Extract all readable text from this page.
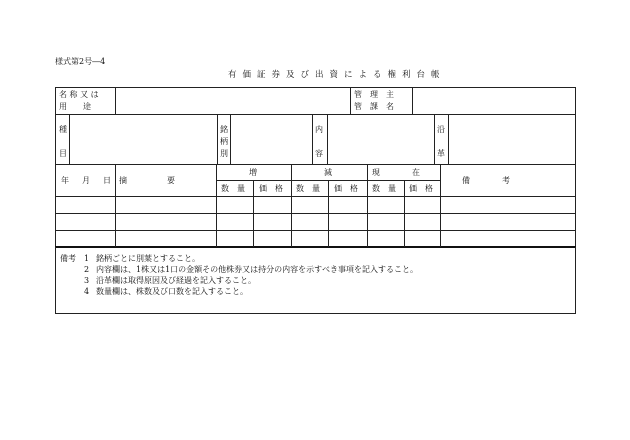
様式第2号―4
有価証券及び出資による権利台帳
名 称 又 は
用　　途
管　理　主
管　課　名
種
目
銘
柄
別
内
容
沿
革
年 月 日 摘　　　　　要
増	減	現　　　　在
備　　　　考
数　量 価　格 数　量 価　格 数　量 価　格
備考 1 銘柄ごとに別葉とすること。
2 内容欄は、1株又は1口の金額その他株券又は持分の内容を示すべき事項を記入すること。
3 沿革欄は取得原因及び経過を記入すること。
4 数量欄は、株数及び口数を記入すること。
